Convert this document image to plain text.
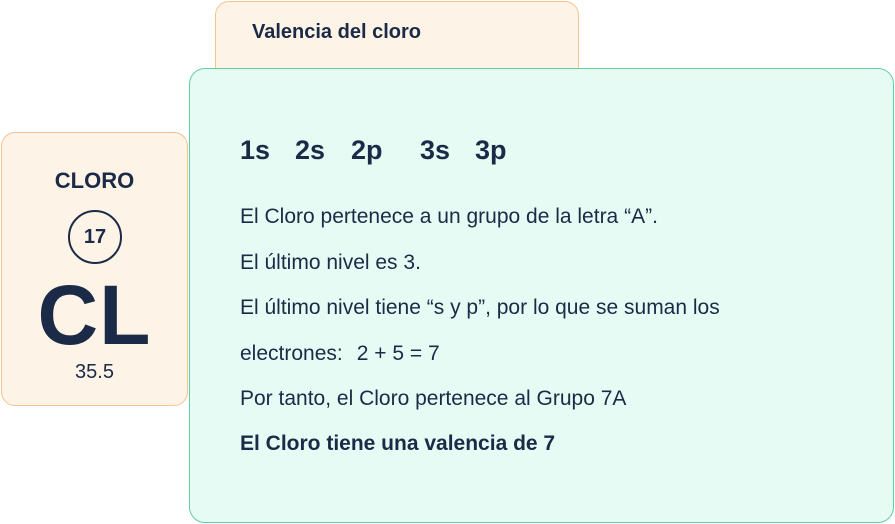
Valencia del cloro
1s 2s 2p 3s 3p
El Cloro pertenece a un grupo de la letra “A”.
El último nivel es 3.
El último nivel tiene “s y p”, por lo que se suman los
electrones: 2 + 5 = 7
Por tanto, el Cloro pertenece al Grupo 7A
El Cloro tiene una valencia de 7
CLORO
17
CL
35.5
